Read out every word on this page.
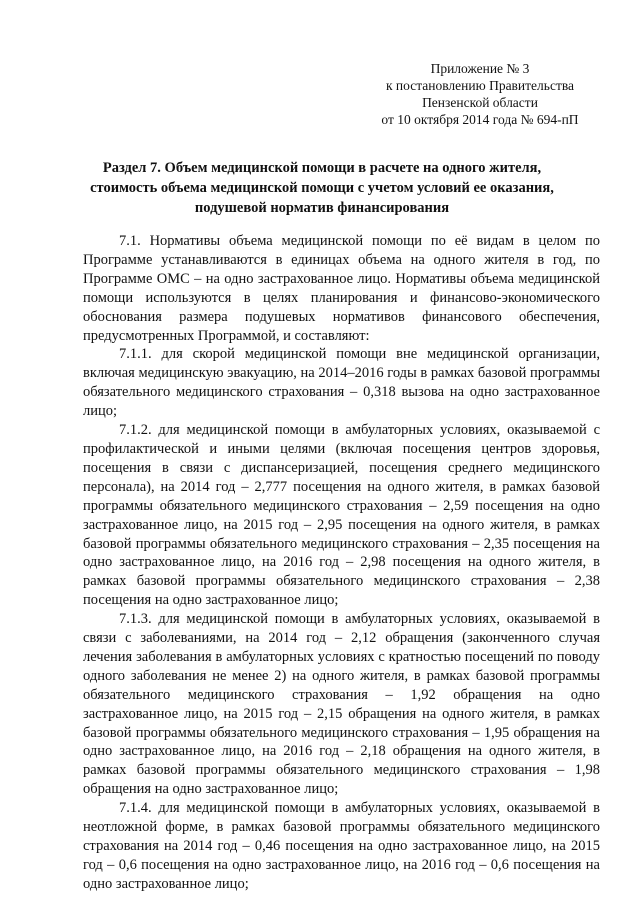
Приложение № 3
к постановлению Правительства
Пензенской области
от 10 октября 2014 года № 694-пП
Раздел 7. Объем медицинской помощи в расчете на одного жителя,
стоимость объема медицинской помощи с учетом условий ее оказания,
подушевой норматив финансирования

7.1. Нормативы объема медицинской помощи по её видам в целом по Программе устанавливаются в единицах объема на одного жителя в год, по Программе ОМС – на одно застрахованное лицо. Нормативы объема медицинской помощи используются в целях планирования и финансово-экономического обоснования размера подушевых нормативов финансового обеспечения, предусмотренных Программой, и составляют:

7.1.1. для скорой медицинской помощи вне медицинской организации, включая медицинскую эвакуацию, на 2014–2016 годы в рамках базовой программы обязательного медицинского страхования – 0,318 вызова на одно застрахованное лицо;

7.1.2. для медицинской помощи в амбулаторных условиях, оказываемой с профилактической и иными целями (включая посещения центров здоровья, посещения в связи с диспансеризацией, посещения среднего медицинского персонала), на 2014 год – 2,777 посещения на одного жителя, в рамках базовой программы обязательного медицинского страхования – 2,59 посещения на одно застрахованное лицо, на 2015 год – 2,95 посещения на одного жителя, в рамках базовой программы обязательного медицинского страхования – 2,35 посещения на одно застрахованное лицо, на 2016 год – 2,98 посещения на одного жителя, в рамках базовой программы обязательного медицинского страхования – 2,38 посещения на одно застрахованное лицо;

7.1.3. для медицинской помощи в амбулаторных условиях, оказываемой в связи с заболеваниями, на 2014 год – 2,12 обращения (законченного случая лечения заболевания в амбулаторных условиях с кратностью посещений по поводу одного заболевания не менее 2) на одного жителя, в рамках базовой программы обязательного медицинского страхования – 1,92 обращения на одно застрахованное лицо, на 2015 год – 2,15 обращения на одного жителя, в рамках базовой программы обязательного медицинского страхования – 1,95 обращения на одно застрахованное лицо, на 2016 год – 2,18 обращения на одного жителя, в рамках базовой программы обязательного медицинского страхования – 1,98 обращения на одно застрахованное лицо;

7.1.4. для медицинской помощи в амбулаторных условиях, оказываемой в неотложной форме, в рамках базовой программы обязательного медицинского страхования на 2014 год – 0,46 посещения на одно застрахованное лицо, на 2015 год – 0,6 посещения на одно застрахованное лицо, на 2016 год – 0,6 посещения на одно застрахованное лицо;
